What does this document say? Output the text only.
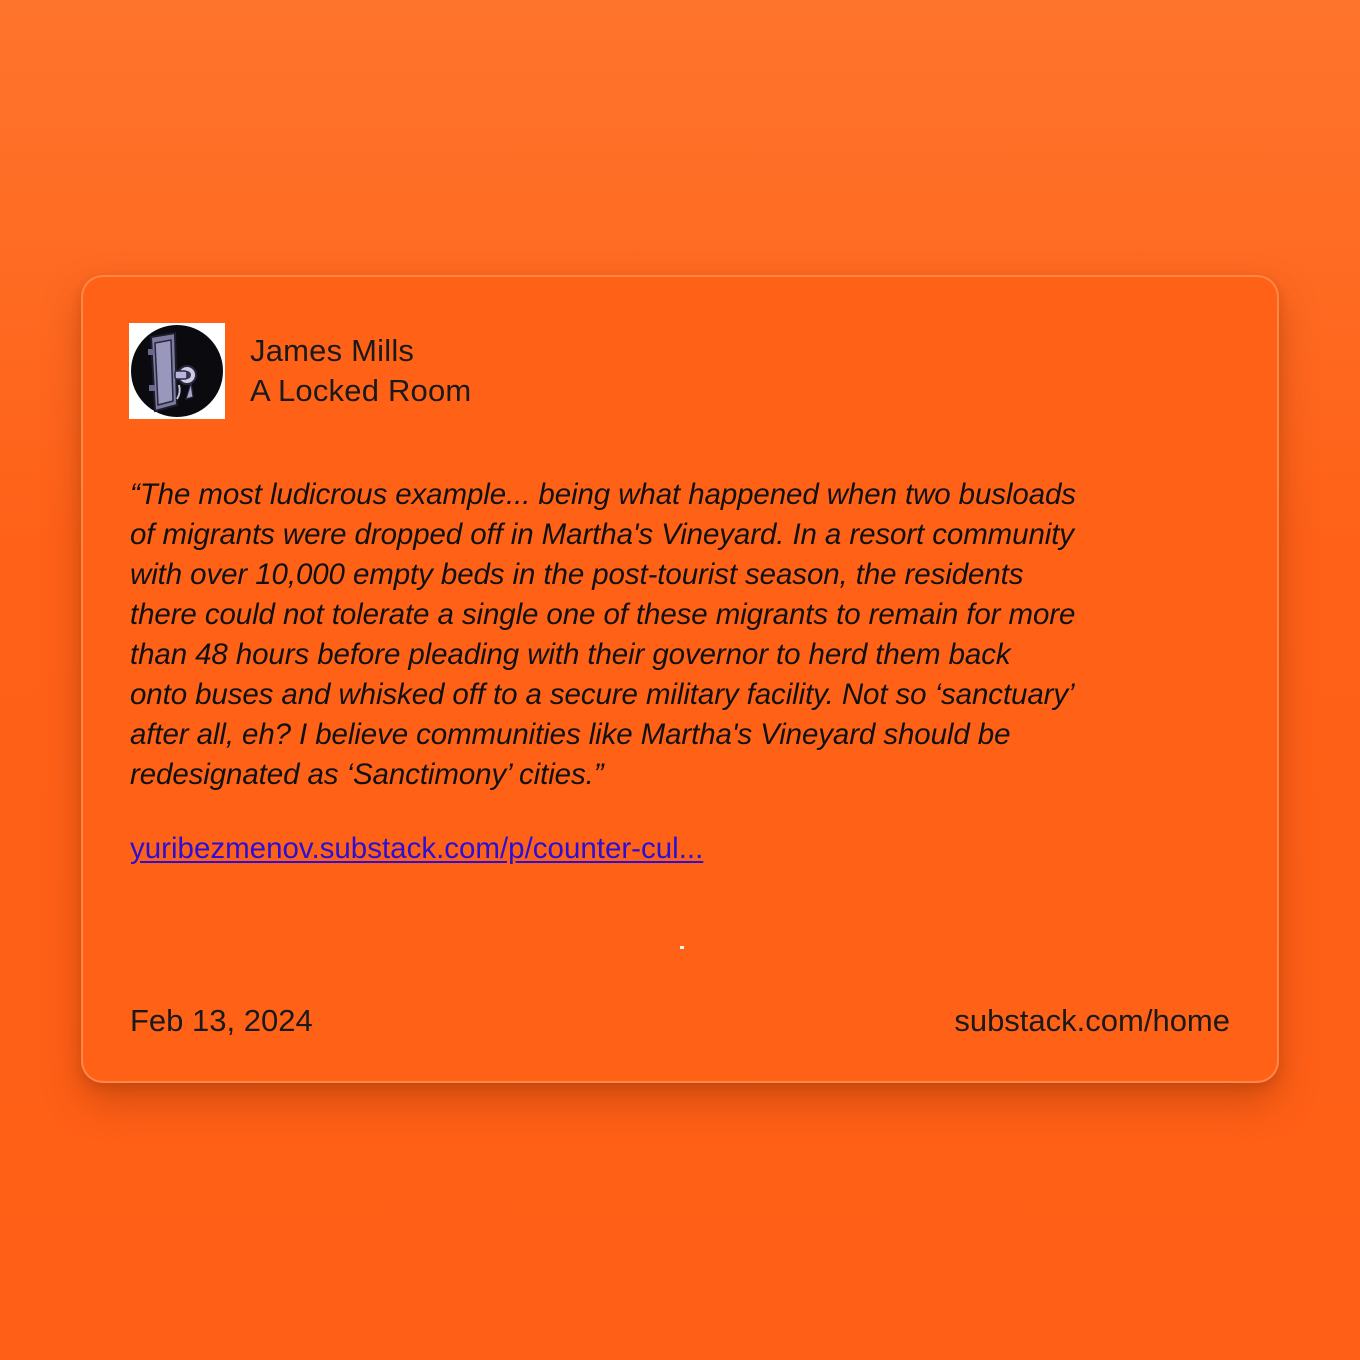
James Mills
A Locked Room

“The most ludicrous example... being what happened when two busloads
of migrants were dropped off in Martha's Vineyard. In a resort community
with over 10,000 empty beds in the post-tourist season, the residents
there could not tolerate a single one of these migrants to remain for more
than 48 hours before pleading with their governor to herd them back
onto buses and whisked off to a secure military facility. Not so ‘sanctuary’
after all, eh? I believe communities like Martha's Vineyard should be
redesignated as ‘Sanctimony’ cities.”

yuribezmenov.substack.com/p/counter-cul...
Feb 13, 2024	substack.com/home
